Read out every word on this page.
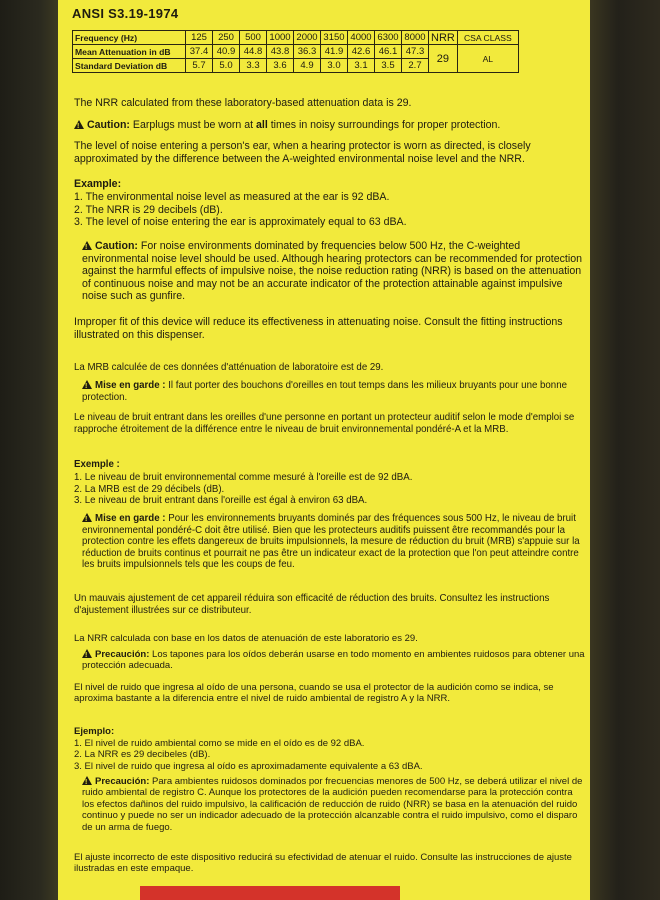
ANSI S3.19-1974
Frequency (Hz)	125	250	500	1000	2000	3150	4000	6300	8000	NRR	CSA CLASS
Mean Attenuation in dB	37.4	40.9	44.8	43.8	36.3	41.9	42.6	46.1	47.3	29	AL
Standard Deviation dB	5.7	5.0	3.3	3.6	4.9	3.0	3.1	3.5	2.7		

The NRR calculated from these laboratory-based attenuation data is 29.

!Caution: Earplugs must be worn at all times in noisy surroundings for proper protection.

The level of noise entering a person's ear, when a hearing protector is worn as directed, is closely approximated by the difference between the A-weighted environmental noise level and the NRR.

Example:

1. The environmental noise level as measured at the ear is 92 dBA.
2. The NRR is 29 decibels (dB).
3. The level of noise entering the ear is approximately equal to 63 dBA.

!Caution: For noise environments dominated by frequencies below 500 Hz, the C-weighted environmental noise level should be used. Although hearing protectors can be recommended for protection against the harmful effects of impulsive noise, the noise reduction rating (NRR) is based on the attenuation of continuous noise and may not be an accurate indicator of the protection attainable against impulsive noise such as gunfire.

Improper fit of this device will reduce its effectiveness in attenuating noise. Consult the fitting instructions illustrated on this dispenser.

La MRB calculée de ces données d'atténuation de laboratoire est de 29.

!Mise en garde : Il faut porter des bouchons d'oreilles en tout temps dans les milieux bruyants pour une bonne protection.

Le niveau de bruit entrant dans les oreilles d'une personne en portant un protecteur auditif selon le mode d'emploi se rapproche étroitement de la différence entre le niveau de bruit environnemental pondéré-A et la MRB.

Exemple :

1. Le niveau de bruit environnemental comme mesuré à l'oreille est de 92 dBA.
2. La MRB est de 29 décibels (dB).
3. Le niveau de bruit entrant dans l'oreille est égal à environ 63 dBA.

!Mise en garde : Pour les environnements bruyants dominés par des fréquences sous 500 Hz, le niveau de bruit environnemental pondéré-C doit être utilisé. Bien que les protecteurs auditifs puissent être recommandés pour la protection contre les effets dangereux de bruits impulsionnels, la mesure de réduction du bruit (MRB) s'appuie sur la réduction de bruits continus et pourrait ne pas être un indicateur exact de la protection que l'on peut atteindre contre les bruits impulsionnels tels que les coups de feu.

Un mauvais ajustement de cet appareil réduira son efficacité de réduction des bruits. Consultez les instructions d'ajustement illustrées sur ce distributeur.

La NRR calculada con base en los datos de atenuación de este laboratorio es 29.

!Precaución: Los tapones para los oídos deberán usarse en todo momento en ambientes ruidosos para obtener una protección adecuada.

El nivel de ruido que ingresa al oído de una persona, cuando se usa el protector de la audición como se indica, se aproxima bastante a la diferencia entre el nivel de ruido ambiental de registro A y la NRR.

Ejemplo:

1. El nivel de ruido ambiental como se mide en el oído es de 92 dBA.
2. La NRR es 29 decibeles (dB).
3. El nivel de ruido que ingresa al oído es aproximadamente equivalente a 63 dBA.

!Precaución: Para ambientes ruidosos dominados por frecuencias menores de 500 Hz, se deberá utilizar el nivel de ruido ambiental de registro C. Aunque los protectores de la audición pueden recomendarse para la protección contra los efectos dañinos del ruido impulsivo, la calificación de reducción de ruido (NRR) se basa en la atenuación del ruido continuo y puede no ser un indicador adecuado de la protección alcanzable contra el ruido impulsivo, como el disparo de un arma de fuego.

El ajuste incorrecto de este dispositivo reducirá su efectividad de atenuar el ruido. Consulte las instrucciones de ajuste ilustradas en este empaque.
